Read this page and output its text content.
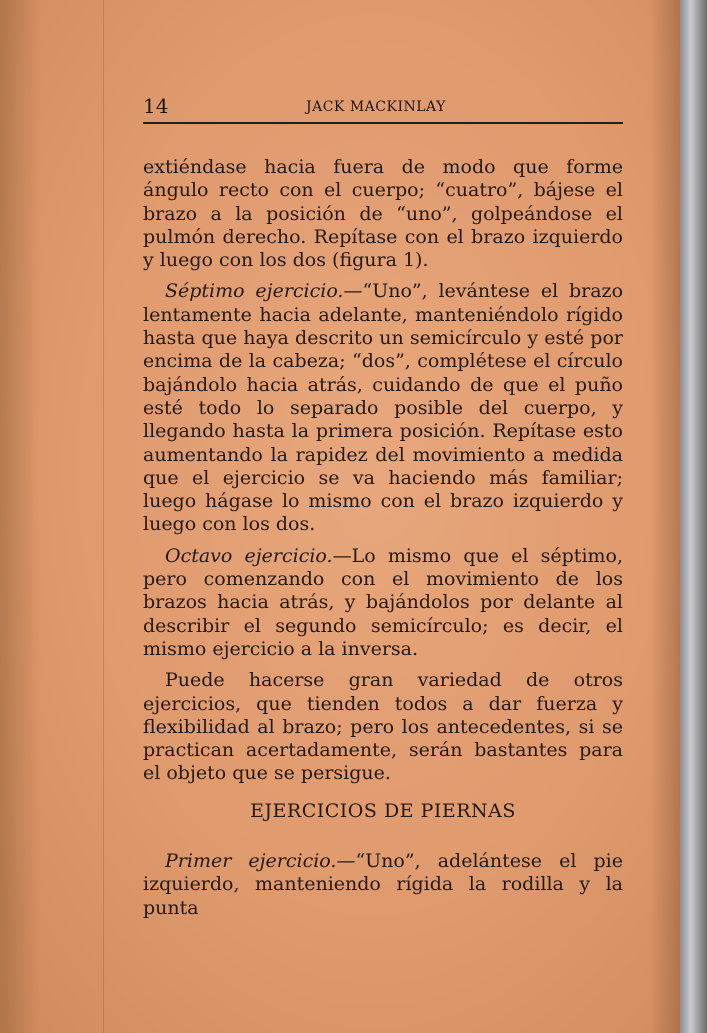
14	JACK MACKINLAY

extiéndase hacia fuera de modo que forme ángulo recto con el cuerpo; “cuatro”, bájese el brazo a la posición de “uno”, golpeándose el pulmón derecho. Repítase con el brazo izquierdo y luego con los dos (figura 1).

Séptimo ejercicio.—“Uno”, levántese el brazo lentamente hacia adelante, manteniéndolo rígido hasta que haya descrito un semicírculo y esté por encima de la cabeza; “dos”, complétese el círculo bajándolo hacia atrás, cuidando de que el puño esté todo lo separado posible del cuerpo, y llegando hasta la primera posición. Repítase esto aumentando la rapidez del movimiento a medida que el ejercicio se va haciendo más familiar; luego hágase lo mismo con el brazo izquierdo y luego con los dos.

Octavo ejercicio.—Lo mismo que el séptimo, pero comenzando con el movimiento de los brazos hacia atrás, y bajándolos por delante al describir el segundo semicírculo; es decir, el mismo ejercicio a la inversa.

Puede hacerse gran variedad de otros ejercicios, que tienden todos a dar fuerza y flexibilidad al brazo; pero los antecedentes, si se practican acertadamente, serán bastantes para el objeto que se persigue.

EJERCICIOS DE PIERNAS

Primer ejercicio.—“Uno”, adelántese el pie izquierdo, manteniendo rígida la rodilla y la punta
